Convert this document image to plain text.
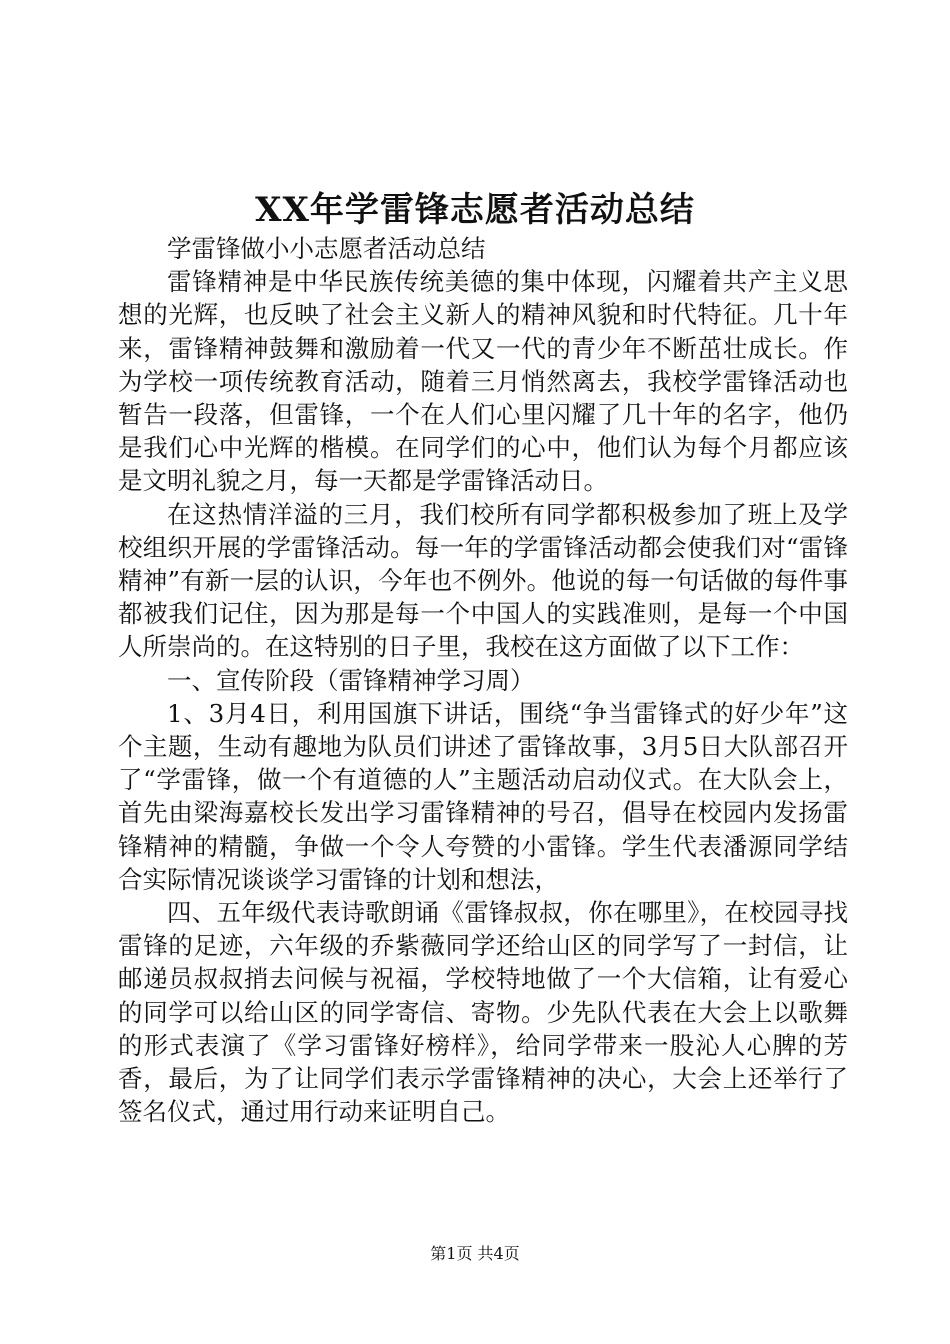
XX年学雷锋志愿者活动总结

学雷锋做小小志愿者活动总结

雷锋精神是中华民族传统美德的集中体现，闪耀着共产主义思想的光辉，也反映了社会主义新人的精神风貌和时代特征。几十年来，雷锋精神鼓舞和激励着一代又一代的青少年不断茁壮成长。作为学校一项传统教育活动，随着三月悄然离去，我校学雷锋活动也暂告一段落，但雷锋，一个在人们心里闪耀了几十年的名字，他仍是我们心中光辉的楷模。在同学们的心中，他们认为每个月都应该是文明礼貌之月，每一天都是学雷锋活动日。

在这热情洋溢的三月，我们校所有同学都积极参加了班上及学校组织开展的学雷锋活动。每一年的学雷锋活动都会使我们对“雷锋精神”有新一层的认识，今年也不例外。他说的每一句话做的每件事都被我们记住，因为那是每一个中国人的实践准则，是每一个中国人所崇尚的。在这特别的日子里，我校在这方面做了以下工作：

一、宣传阶段（雷锋精神学习周）

1、3月4日，利用国旗下讲话，围绕“争当雷锋式的好少年”这个主题，生动有趣地为队员们讲述了雷锋故事，3月5日大队部召开了“学雷锋，做一个有道德的人”主题活动启动仪式。在大队会上，首先由梁海嘉校长发出学习雷锋精神的号召，倡导在校园内发扬雷锋精神的精髓，争做一个令人夸赞的小雷锋。学生代表潘源同学结合实际情况谈谈学习雷锋的计划和想法，

四、五年级代表诗歌朗诵《雷锋叔叔，你在哪里》，在校园寻找雷锋的足迹，六年级的乔紫薇同学还给山区的同学写了一封信，让邮递员叔叔捎去问候与祝福，学校特地做了一个大信箱，让有爱心的同学可以给山区的同学寄信、寄物。少先队代表在大会上以歌舞的形式表演了《学习雷锋好榜样》，给同学带来一股沁人心脾的芳香，最后，为了让同学们表示学雷锋精神的决心，大会上还举行了签名仪式，通过用行动来证明自己。

第1页 共4页
